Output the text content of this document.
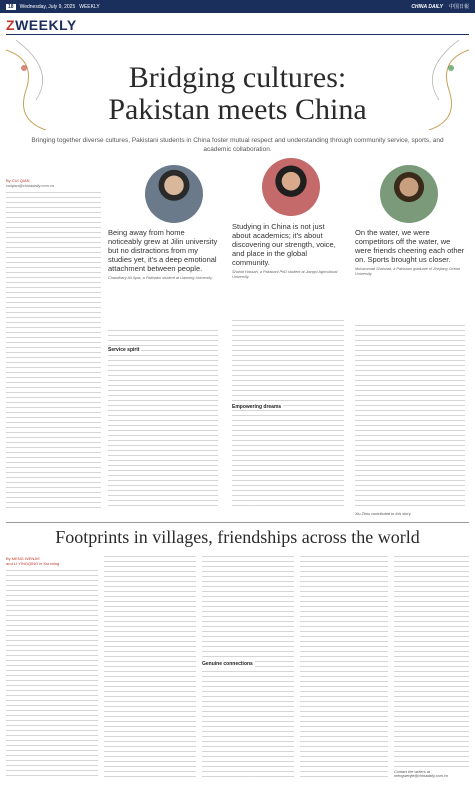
18	Wednesday, July 9, 2025 WEEKLY	CHINA DAILY 中国日報
ZWEEKLY
Bridging cultures:
Pakistan meets China
Bringing together diverse cultures, Pakistani students in China foster mutual respect and understanding through community service, sports, and academic collaboration.
By CUI QIAN
cuiqian@chinadaily.com.cn
Being away from home noticeably grew at Jilin university but no distractions from my studies yet, it's a deep emotional attachment between people.
Chaudhary Ali Ilyas, a Pakistani student at Liaoning University
Studying in China is not just about academics; it's about discovering our strength, voice, and place in the global community.
Shahid Hassan, a Pakistani PhD student at Jiangxi Agricultural University
On the water, we were competitors off the water, we were friends cheering each other on. Sports brought us closer.
Muhammad Shahzad, a Pakistani graduate of Zhejiang Ocean University
Service spirit
Empowering dreams
Xiu Zhou contributed to this story.
Footprints in villages, friendships across the world
By MENG WENJIE
and LI YINGQING in Kunming
Genuine connections
Contact the writers at mengwenjie@chinadaily.com.cn
